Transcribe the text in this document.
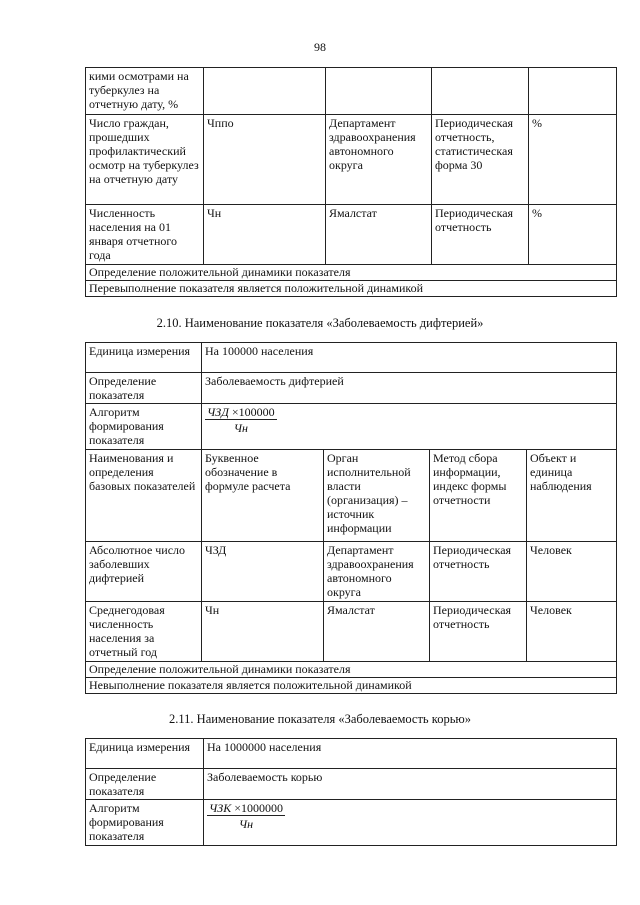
98
кими осмотрами на туберкулез на отчетную дату, %				
Число граждан, прошедших профилактический осмотр на туберкулез на отчетную дату	Чппо	Департамент здравоохранения автономного округа	Периодическая отчетность, статистическая форма 30	%
Численность населения на 01 января отчетного года	Чн	Ямалстат	Периодическая отчетность	%
Определение положительной динамики показателя				
Перевыполнение показателя является положительной динамикой				
2.10. Наименование показателя «Заболеваемость дифтерией»
Единица измерения	На 100000 населения			
Определение показателя	Заболеваемость дифтерией			
Алгоритм формирования показателя	$\frac{\text{ЧЗД ×100000}}{Чн}$

Наименования и определения базовых показателей	Буквенное обозначение в формуле расчета	Орган исполнительной власти (организация) – источник информации	Метод сбора информации, индекс формы отчетности	Объект и единица наблюдения
Абсолютное число заболевших дифтерией	ЧЗД	Департамент здравоохранения автономного округа	Периодическая отчетность	Человек
Среднегодовая численность населения за отчетный год	Чн	Ямалстат	Периодическая отчетность	Человек
Определение положительной динамики показателя				
Невыполнение показателя является положительной динамикой				
2.11. Наименование показателя «Заболеваемость корью»
Единица измерения	На 1000000 населения
Определение показателя	Заболеваемость корью
Алгоритм формирования показателя	$\frac{\text{ЧЗК ×1000000}}{Чн}$
